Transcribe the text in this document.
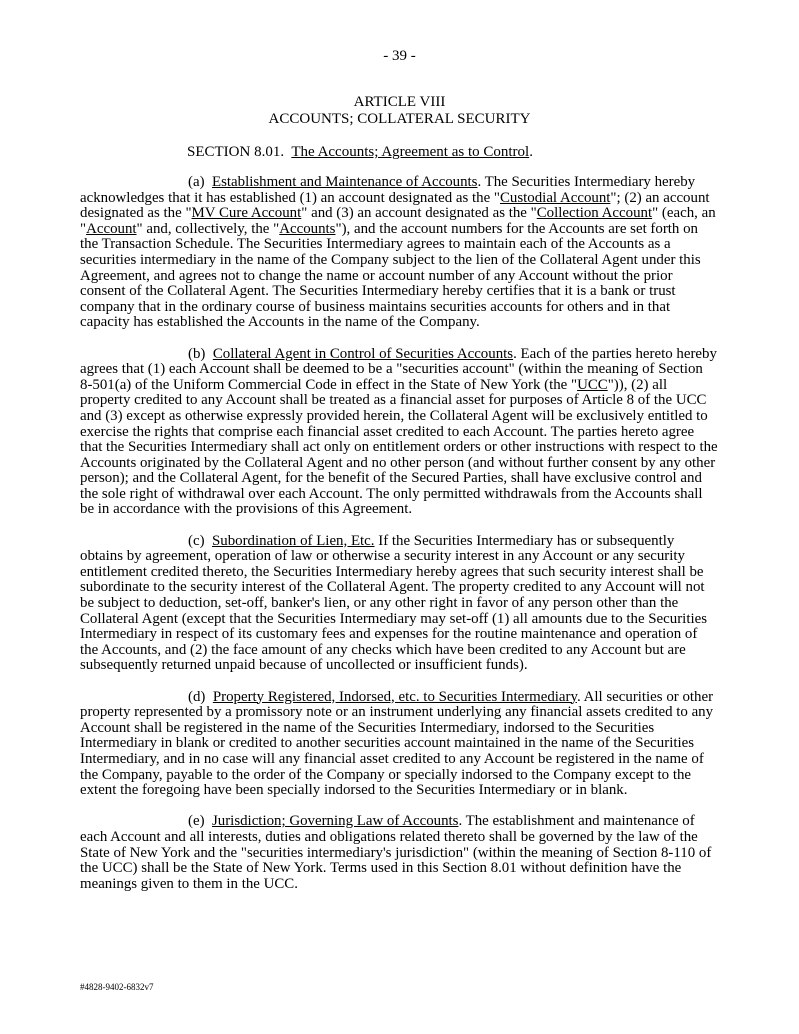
- 39 -
ARTICLE VIII
ACCOUNTS; COLLATERAL SECURITY
SECTION 8.01. The Accounts; Agreement as to Control.

(a) Establishment and Maintenance of Accounts. The Securities Intermediary hereby acknowledges that it has established (1) an account designated as the "Custodial Account"; (2) an account designated as the "MV Cure Account" and (3) an account designated as the "Collection Account" (each, an "Account" and, collectively, the "Accounts"), and the account numbers for the Accounts are set forth on the Transaction Schedule. The Securities Intermediary agrees to maintain each of the Accounts as a securities intermediary in the name of the Company subject to the lien of the Collateral Agent under this Agreement, and agrees not to change the name or account number of any Account without the prior consent of the Collateral Agent. The Securities Intermediary hereby certifies that it is a bank or trust company that in the ordinary course of business maintains securities accounts for others and in that capacity has established the Accounts in the name of the Company.

(b) Collateral Agent in Control of Securities Accounts. Each of the parties hereto hereby agrees that (1) each Account shall be deemed to be a "securities account" (within the meaning of Section 8-501(a) of the Uniform Commercial Code in effect in the State of New York (the "UCC")), (2) all property credited to any Account shall be treated as a financial asset for purposes of Article 8 of the UCC and (3) except as otherwise expressly provided herein, the Collateral Agent will be exclusively entitled to exercise the rights that comprise each financial asset credited to each Account. The parties hereto agree that the Securities Intermediary shall act only on entitlement orders or other instructions with respect to the Accounts originated by the Collateral Agent and no other person (and without further consent by any other person); and the Collateral Agent, for the benefit of the Secured Parties, shall have exclusive control and the sole right of withdrawal over each Account. The only permitted withdrawals from the Accounts shall be in accordance with the provisions of this Agreement.

(c) Subordination of Lien, Etc. If the Securities Intermediary has or subsequently obtains by agreement, operation of law or otherwise a security interest in any Account or any security entitlement credited thereto, the Securities Intermediary hereby agrees that such security interest shall be subordinate to the security interest of the Collateral Agent. The property credited to any Account will not be subject to deduction, set-off, banker's lien, or any other right in favor of any person other than the Collateral Agent (except that the Securities Intermediary may set-off (1) all amounts due to the Securities Intermediary in respect of its customary fees and expenses for the routine maintenance and operation of the Accounts, and (2) the face amount of any checks which have been credited to any Account but are subsequently returned unpaid because of uncollected or insufficient funds).

(d) Property Registered, Indorsed, etc. to Securities Intermediary. All securities or other property represented by a promissory note or an instrument underlying any financial assets credited to any Account shall be registered in the name of the Securities Intermediary, indorsed to the Securities Intermediary in blank or credited to another securities account maintained in the name of the Securities Intermediary, and in no case will any financial asset credited to any Account be registered in the name of the Company, payable to the order of the Company or specially indorsed to the Company except to the extent the foregoing have been specially indorsed to the Securities Intermediary or in blank.

(e) Jurisdiction; Governing Law of Accounts. The establishment and maintenance of each Account and all interests, duties and obligations related thereto shall be governed by the law of the State of New York and the "securities intermediary's jurisdiction" (within the meaning of Section 8-110 of the UCC) shall be the State of New York. Terms used in this Section 8.01 without definition have the meanings given to them in the UCC.

#4828-9402-6832v7
